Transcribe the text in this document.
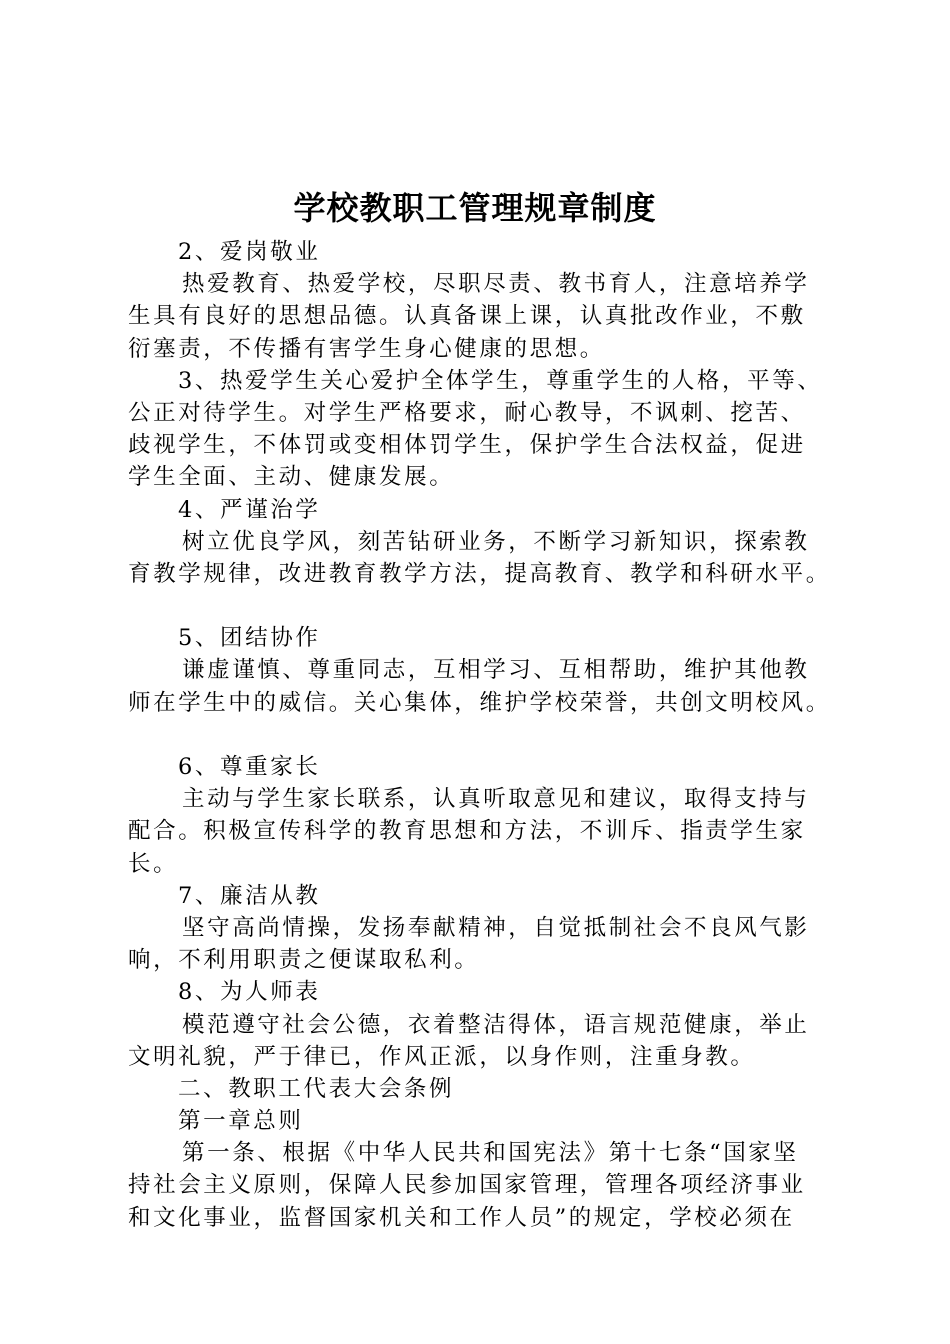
学校教职工管理规章制度
2、爱岗敬业
热爱教育、热爱学校，尽职尽责、教书育人，注意培养学
生具有良好的思想品德。认真备课上课，认真批改作业，不敷
衍塞责，不传播有害学生身心健康的思想。
3、热爱学生关心爱护全体学生，尊重学生的人格，平等、
公正对待学生。对学生严格要求，耐心教导，不讽刺、挖苦、
歧视学生，不体罚或变相体罚学生，保护学生合法权益，促进
学生全面、主动、健康发展。
4、严谨治学
树立优良学风，刻苦钻研业务，不断学习新知识，探索教
育教学规律，改进教育教学方法，提高教育、教学和科研水平。
5、团结协作
谦虚谨慎、尊重同志，互相学习、互相帮助，维护其他教
师在学生中的威信。关心集体，维护学校荣誉，共创文明校风。
6、尊重家长
主动与学生家长联系，认真听取意见和建议，取得支持与
配合。积极宣传科学的教育思想和方法，不训斥、指责学生家
长。
7、廉洁从教
坚守高尚情操，发扬奉献精神，自觉抵制社会不良风气影
响，不利用职责之便谋取私利。
8、为人师表
模范遵守社会公德，衣着整洁得体，语言规范健康，举止
文明礼貌，严于律已，作风正派，以身作则，注重身教。
二、教职工代表大会条例
第一章总则
第一条、根据《中华人民共和国宪法》第十七条“国家坚
持社会主义原则，保障人民参加国家管理，管理各项经济事业
和文化事业，监督国家机关和工作人员”的规定，学校必须在
